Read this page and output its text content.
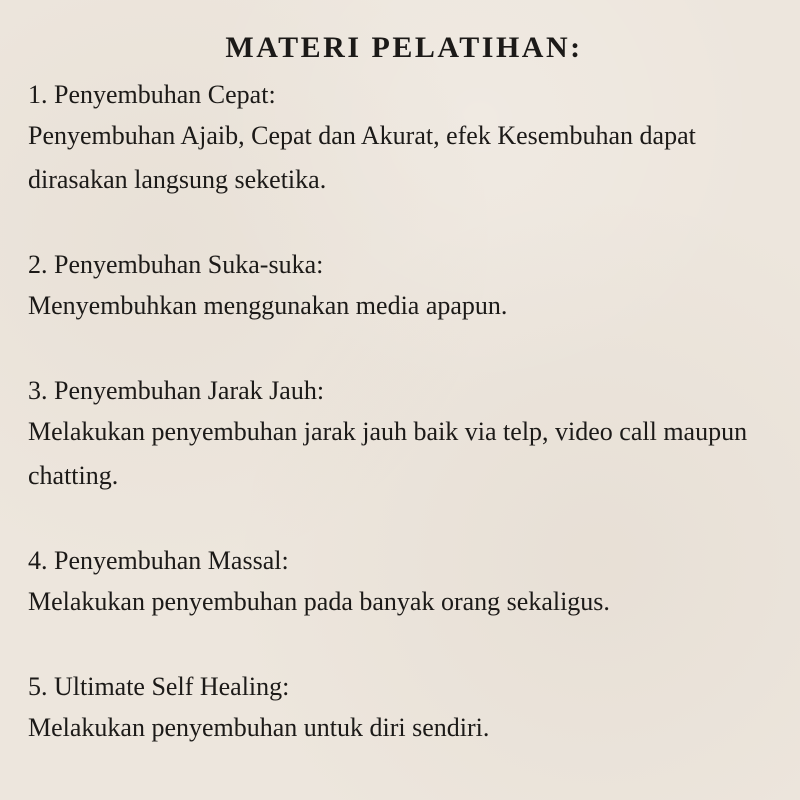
MATERI PELATIHAN:
1. Penyembuhan Cepat:
Penyembuhan Ajaib, Cepat dan Akurat, efek Kesembuhan dapat dirasakan langsung seketika.
2. Penyembuhan Suka-suka:
Menyembuhkan menggunakan media apapun.
3. Penyembuhan Jarak Jauh:
Melakukan penyembuhan jarak jauh baik via telp, video call maupun chatting.
4. Penyembuhan Massal:
Melakukan penyembuhan pada banyak orang sekaligus.
5. Ultimate Self Healing:
Melakukan penyembuhan untuk diri sendiri.
